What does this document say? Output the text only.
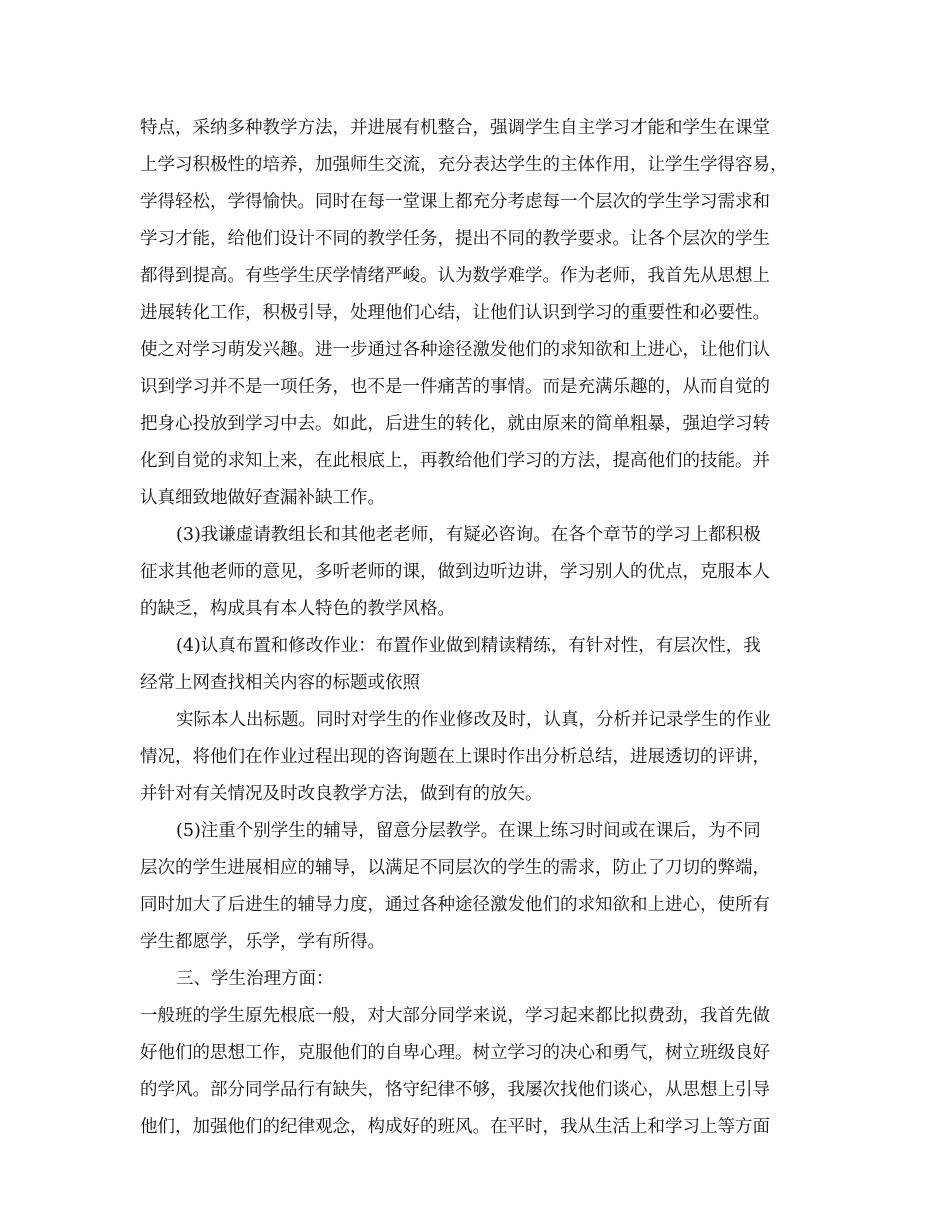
特点，采纳多种教学方法，并进展有机整合，强调学生自主学习才能和学生在课堂
上学习积极性的培养，加强师生交流，充分表达学生的主体作用，让学生学得容易，
学得轻松，学得愉快。同时在每一堂课上都充分考虑每一个层次的学生学习需求和
学习才能，给他们设计不同的教学任务，提出不同的教学要求。让各个层次的学生
都得到提高。有些学生厌学情绪严峻。认为数学难学。作为老师，我首先从思想上
进展转化工作，积极引导，处理他们心结，让他们认识到学习的重要性和必要性。
使之对学习萌发兴趣。进一步通过各种途径激发他们的求知欲和上进心，让他们认
识到学习并不是一项任务，也不是一件痛苦的事情。而是充满乐趣的，从而自觉的
把身心投放到学习中去。如此，后进生的转化，就由原来的简单粗暴，强迫学习转
化到自觉的求知上来，在此根底上，再教给他们学习的方法，提高他们的技能。并
认真细致地做好查漏补缺工作。
(3)我谦虚请教组长和其他老老师，有疑必咨询。在各个章节的学习上都积极
征求其他老师的意见，多听老师的课，做到边听边讲，学习别人的优点，克服本人
的缺乏，构成具有本人特色的教学风格。
(4)认真布置和修改作业：布置作业做到精读精练，有针对性，有层次性，我
经常上网查找相关内容的标题或依照
实际本人出标题。同时对学生的作业修改及时，认真，分析并记录学生的作业
情况，将他们在作业过程出现的咨询题在上课时作出分析总结，进展透切的评讲，
并针对有关情况及时改良教学方法，做到有的放矢。
(5)注重个别学生的辅导，留意分层教学。在课上练习时间或在课后，为不同
层次的学生进展相应的辅导，以满足不同层次的学生的需求，防止了刀切的弊端，
同时加大了后进生的辅导力度，通过各种途径激发他们的求知欲和上进心，使所有
学生都愿学，乐学，学有所得。
三、学生治理方面：
一般班的学生原先根底一般，对大部分同学来说，学习起来都比拟费劲，我首先做
好他们的思想工作，克服他们的自卑心理。树立学习的决心和勇气，树立班级良好
的学风。部分同学品行有缺失，恪守纪律不够，我屡次找他们谈心，从思想上引导
他们，加强他们的纪律观念，构成好的班风。在平时，我从生活上和学习上等方面
